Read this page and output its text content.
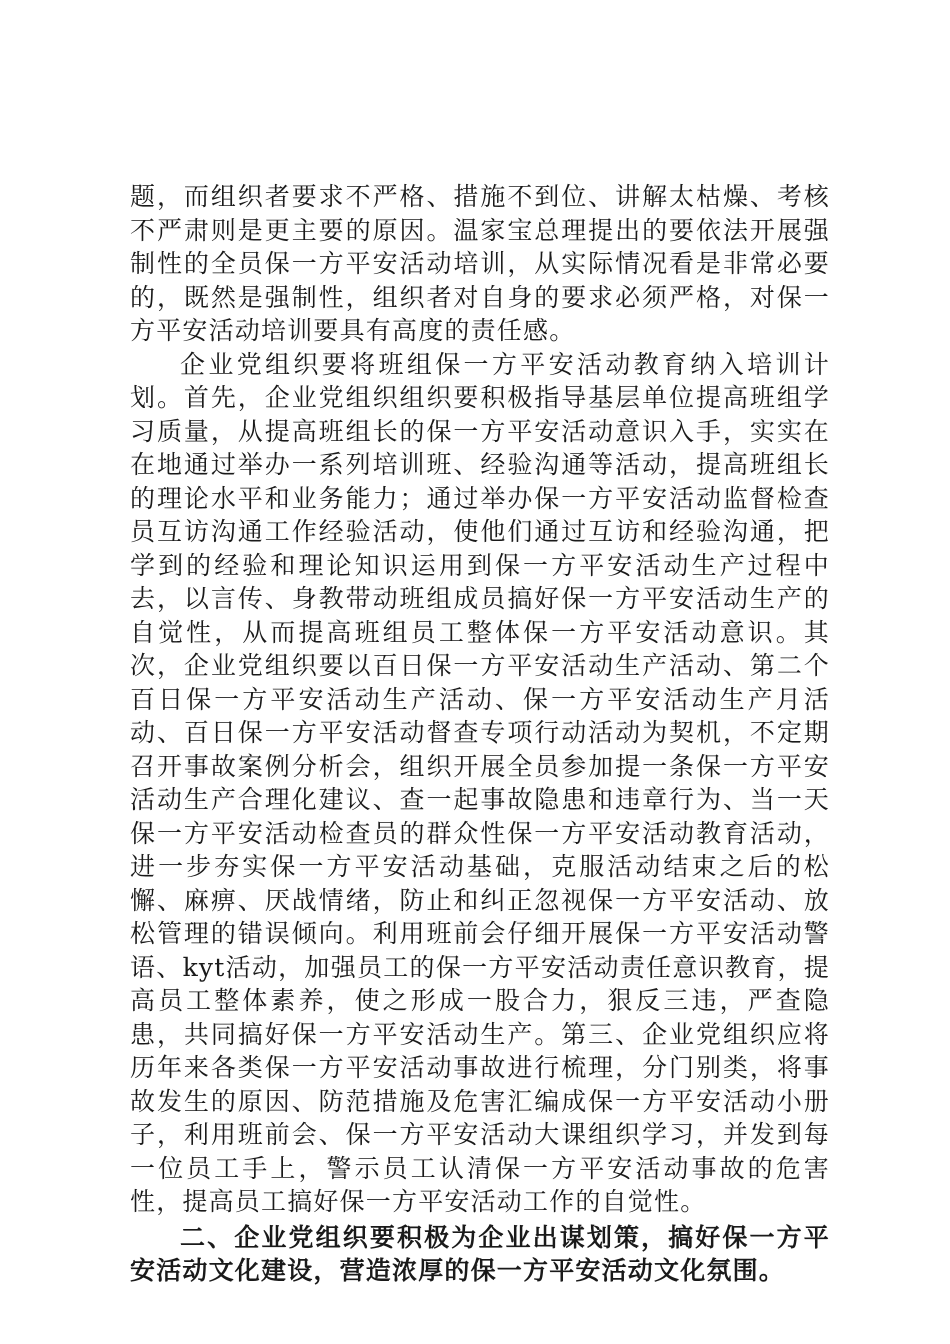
题，而组织者要求不严格、措施不到位、讲解太枯燥、考核不严肃则是更主要的原因。温家宝总理提出的要依法开展强制性的全员保一方平安活动培训，从实际情况看是非常必要的，既然是强制性，组织者对自身的要求必须严格，对保一方平安活动培训要具有高度的责任感。

企业党组织要将班组保一方平安活动教育纳入培训计划。首先，企业党组织组织要积极指导基层单位提高班组学习质量，从提高班组长的保一方平安活动意识入手，实实在在地通过举办一系列培训班、经验沟通等活动，提高班组长的理论水平和业务能力；通过举办保一方平安活动监督检查员互访沟通工作经验活动，使他们通过互访和经验沟通，把学到的经验和理论知识运用到保一方平安活动生产过程中去，以言传、身教带动班组成员搞好保一方平安活动生产的自觉性，从而提高班组员工整体保一方平安活动意识。其次，企业党组织要以百日保一方平安活动生产活动、第二个百日保一方平安活动生产活动、保一方平安活动生产月活动、百日保一方平安活动督查专项行动活动为契机，不定期召开事故案例分析会，组织开展全员参加提一条保一方平安活动生产合理化建议、查一起事故隐患和违章行为、当一天保一方平安活动检查员的群众性保一方平安活动教育活动，进一步夯实保一方平安活动基础，克服活动结束之后的松懈、麻痹、厌战情绪，防止和纠正忽视保一方平安活动、放松管理的错误倾向。利用班前会仔细开展保一方平安活动警语、kyt活动，加强员工的保一方平安活动责任意识教育，提高员工整体素养，使之形成一股合力，狠反三违，严查隐患，共同搞好保一方平安活动生产。第三、企业党组织应将历年来各类保一方平安活动事故进行梳理，分门别类，将事故发生的原因、防范措施及危害汇编成保一方平安活动小册子，利用班前会、保一方平安活动大课组织学习，并发到每一位员工手上，警示员工认清保一方平安活动事故的危害性，提高员工搞好保一方平安活动工作的自觉性。

二、企业党组织要积极为企业出谋划策，搞好保一方平安活动文化建设，营造浓厚的保一方平安活动文化氛围。
